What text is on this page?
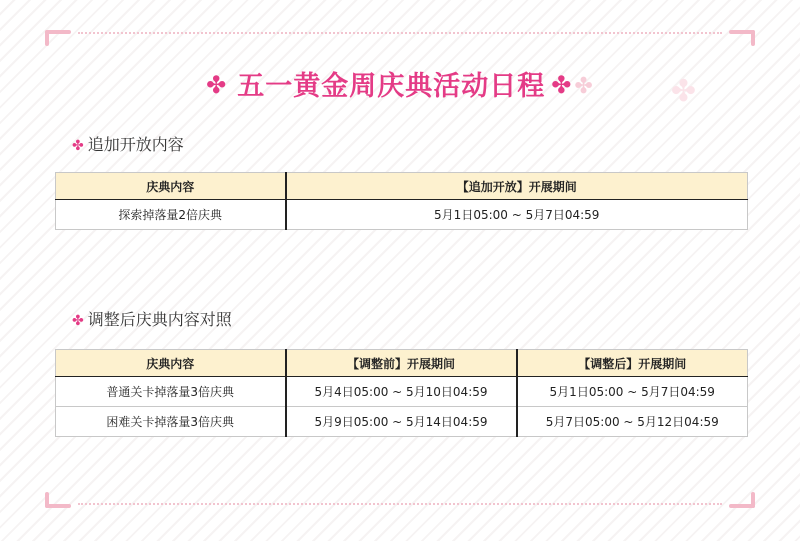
✤
✤ 五一黄金周庆典活动日程 ✤✤
✤ 追加开放内容
庆典内容	【追加开放】开展期间
探索掉落量2倍庆典	5月1日05:00 ~ 5月7日04:59
✤ 调整后庆典内容对照
庆典内容	【调整前】开展期间	【调整后】开展期间
普通关卡掉落量3倍庆典	5月4日05:00 ~ 5月10日04:59	5月1日05:00 ~ 5月7日04:59
困难关卡掉落量3倍庆典	5月9日05:00 ~ 5月14日04:59	5月7日05:00 ~ 5月12日04:59
